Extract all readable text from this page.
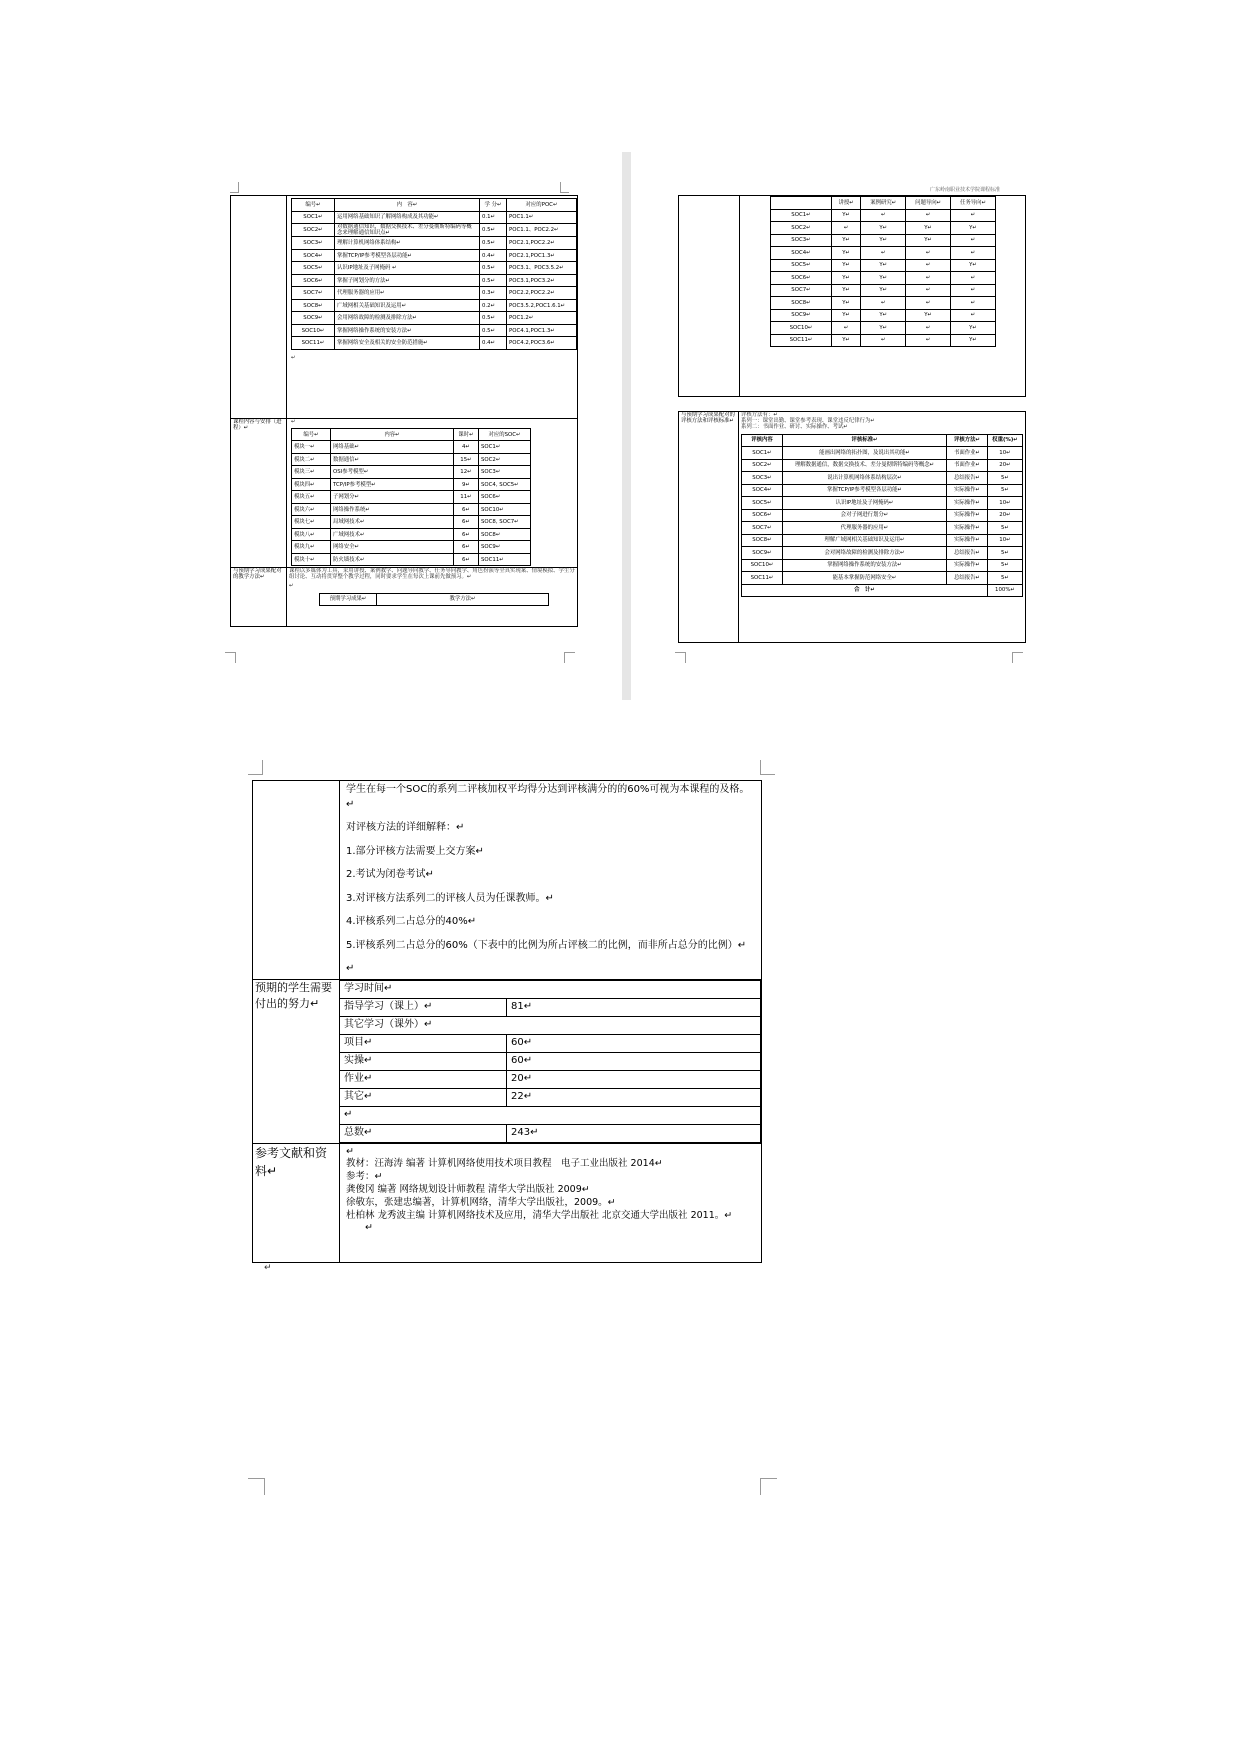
编号↵	内　容↵	学 分↵	对应的POC↵
SOC1↵	运用网络基础知识了解网络构成及其功能↵	0.1↵	POC1.1↵
SOC2↵	对数据通信知识，数据交换技术、差分曼彻斯特编码等概念来理解通信知识点↵	0.5↵	POC1.1、POC2.2↵
SOC3↵	理解计算机网络体系结构↵	0.5↵	POC2.1,POC2.2↵
SOC4↵	掌握TCP/IP参考模型各层功能↵	0.4↵	POC2.1,POC1.3↵
SOC5↵	认识IP地址及子网掩码 ↵	0.5↵	POC3.1、POC3.5.2↵
SOC6↵	掌握子网划分的方法↵	0.5↵	POC3.1,POC3.2↵
SOC7↵	代理服务器的应用↵	0.3↵	POC2.2,POC2.2↵
SOC8↵	广域网相关基础知识及运用↵	0.2↵	POC3.5.2,POC1.6.1↵
SOC9↵	会用网络故障的检测及排除方法↵	0.5↵	POC1.2↵
SOC10↵	掌握网络操作系统的安装方法↵	0.5↵	POC4.1,POC1.3↵
SOC11↵	掌握网络安全及相关的安全防范措施↵	0.4↵	POC4.2,POC3.6↵
↵

课程内容与安排（进程）↵	
↵
编号↵	内容↵	课时↵	对应的SOC↵
模块一↵	网络基础↵	4↵	SOC1↵
模块二↵	数据通信↵	15↵	SOC2↵
模块三↵	OSI参考模型↵	12↵	SOC3↵
模块四↵	TCP/IP参考模型↵	9↵	SOC4, SOC5↵
模块五↵	子网划分↵	11↵	SOC6↵
模块六↵	网络操作系统↵	6↵	SOC10↵
模块七↵	局域网技术↵	6↵	SOC8, SOC7↵
模块八↵	广域网技术↵	6↵	SOC8↵
模块九↵	网络安全↵	6↵	SOC9↵
模块十↵	防火墙技术↵	6↵	SOC11↵

与预期学习成果配对的教学方法↵	
课程以多媒体为工具，采用讲授、案例教学、问题导向教学、任务导向教学、角色扮演等全真实现案、情境模拟、学生分组讨论、互动将贯穿整个教学过程，同时要求学生在每次上课前先做预习。↵
↵
预期学习成果↵	教学方法↵
广东岭南职业技术学院课程标准

	讲授↵	案例研究↵	问题导向↵	任务导向↵
SOC1↵	Y↵	↵	↵	↵
SOC2↵	↵	Y↵	Y↵	Y↵
SOC3↵	Y↵	Y↵	Y↵	↵
SOC4↵	Y↵	↵	↵	↵
SOC5↵	Y↵	Y↵	↵	Y↵
SOC6↵	Y↵	Y↵	↵	↵
SOC7↵	Y↵	Y↵	↵	↵
SOC8↵	Y↵	↵	↵	↵
SOC9↵	Y↵	Y↵	Y↵	↵
SOC10↵	↵	Y↵	↵	Y↵
SOC11↵	Y↵	↵	↵	Y↵
与预期学习成果配对的评核方法和评核标准↵	
评核方法有：↵
系列一：课堂出勤、课堂参考表现、课堂违反纪律行为↵
系列二：书面作业、研讨、实际操作、考试↵
评核内容	评核标准↵	评核方法↵	权重(%)↵
SOC1↵	能画出网络的拓扑图，及说出其功能↵	书面作业↵	10↵
SOC2↵	理解数据通信，数据交换技术、差分曼彻斯特编码等概念↵	书面作业↵	20↵
SOC3↵	说出计算机网络体系结构层次↵	总结报告↵	5↵
SOC4↵	掌握TCP/IP参考模型各层功能↵	实际操作↵	5↵
SOC5↵	认识IP地址及子网掩码↵	实际操作↵	10↵
SOC6↵	会对子网进行划分↵	实际操作↵	20↵
SOC7↵	代理服务器的应用↵	实际操作↵	5↵
SOC8↵	理解广域网相关基础知识及运用↵	实际操作↵	10↵
SOC9↵	会对网络故障的检测及排除方法↵	总结报告↵	5↵
SOC10↵	掌握网络操作系统的安装方法↵	实际操作↵	5↵
SOC11↵	能基本掌握防范网络安全↵	总结报告↵	5↵
合　计↵	100%↵

学生在每一个SOC的系列二评核加权平均得分达到评核满分的的60%可视为本课程的及格。↵

对评核方法的详细解释：↵

1.部分评核方法需要上交方案↵

2.考试为闭卷考试↵

3.对评核方法系列二的评核人员为任课教师。↵

4.评核系列二占总分的40%↵

5.评核系列二占总分的60%（下表中的比例为所占评核二的比例，而非所占总分的比例）↵

↵

预期的学生需要付出的努力↵	
学习时间↵
指导学习（课上）↵	81↵
其它学习（课外）↵
项目↵	60↵
实操↵	60↵
作业↵	20↵
其它↵	22↵
↵
总数↵	243↵

参考文献和资料↵	
↵
教材：汪海涛 编著 计算机网络使用技术项目教程　电子工业出版社 2014↵
参考：↵
龚俊冈 编著 网络规划设计师教程 清华大学出版社 2009↵
徐敬东，张建忠编著，计算机网络，清华大学出版社，2009。↵
杜柏林 龙秀波主编 计算机网络技术及应用，清华大学出版社 北京交通大学出版社 2011。↵
　　↵
↵
